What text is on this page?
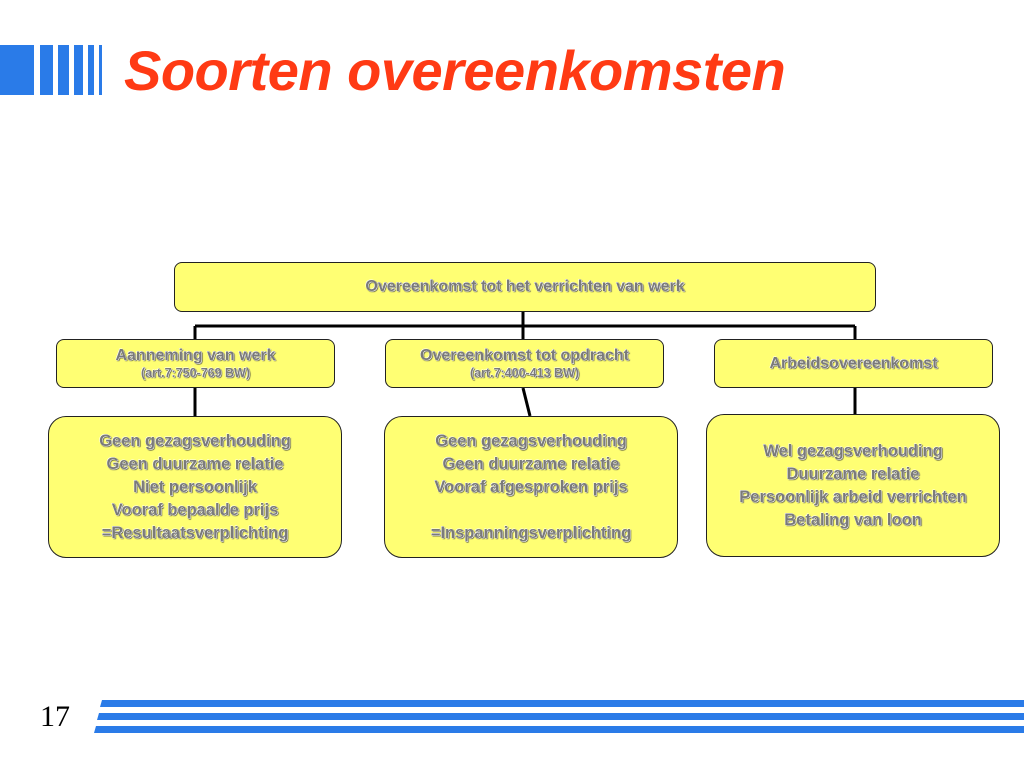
Soorten overeenkomsten
Overeenkomst tot het verrichten van werk
Aanneming van werk
(art.7:750-769 BW)
Overeenkomst tot opdracht
(art.7:400-413 BW)
Arbeidsovereenkomst
Geen gezagsverhouding
Geen duurzame relatie
Niet persoonlijk
Vooraf bepaalde prijs
=Resultaatsverplichting
Geen gezagsverhouding
Geen duurzame relatie
Vooraf afgesproken prijs
=Inspanningsverplichting
Wel gezagsverhouding
Duurzame relatie
Persoonlijk arbeid verrichten
Betaling van loon

17
